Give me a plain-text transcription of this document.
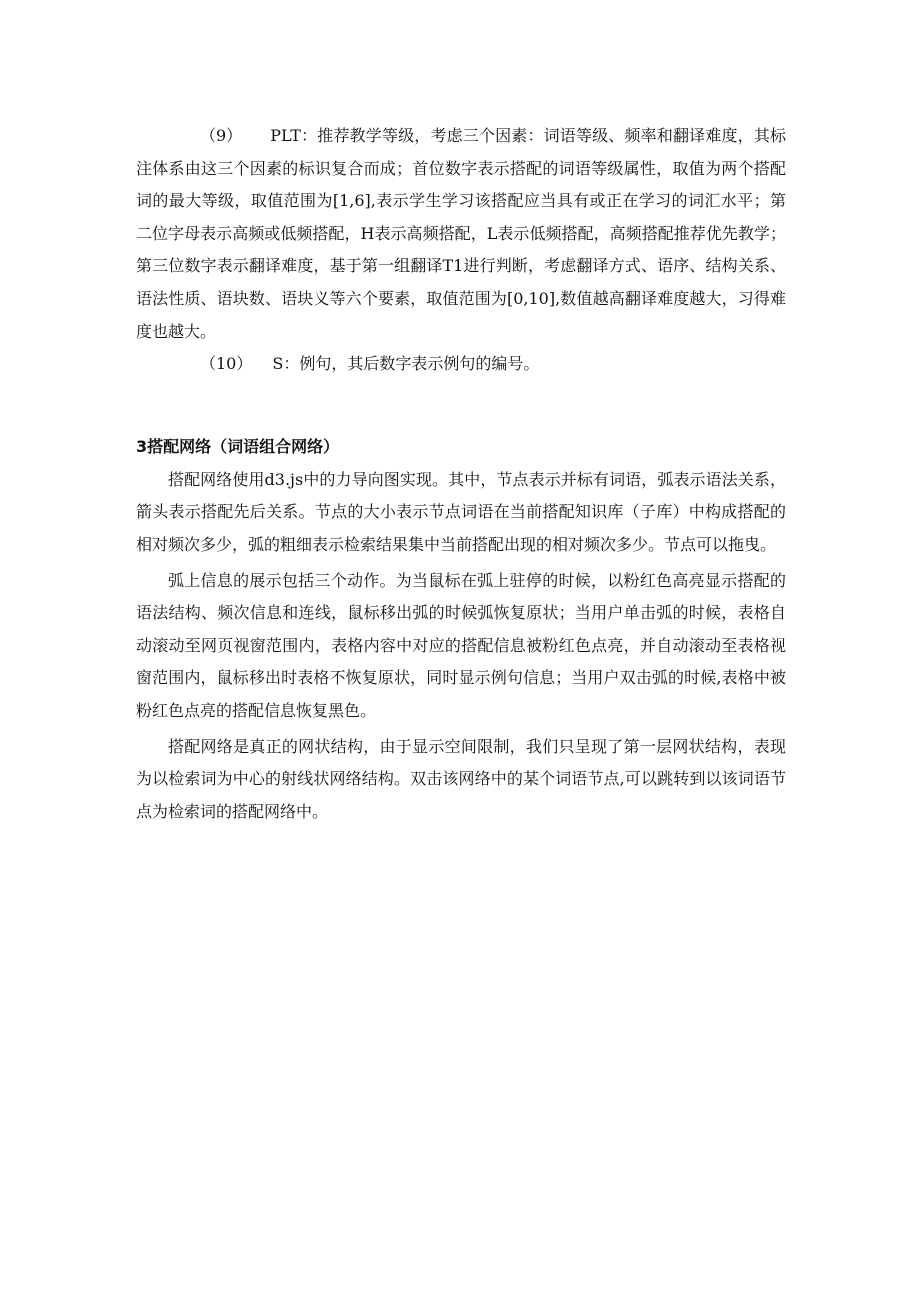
（9） PLT：推荐教学等级，考虑三个因素：词语等级、频率和翻译难度，其标注体系由这三个因素的标识复合而成；首位数字表示搭配的词语等级属性，取值为两个搭配词的最大等级，取值范围为[1,6],表示学生学习该搭配应当具有或正在学习的词汇水平；第二位字母表示高频或低频搭配，H表示高频搭配，L表示低频搭配，高频搭配推荐优先教学；第三位数字表示翻译难度，基于第一组翻译T1进行判断，考虑翻译方式、语序、结构关系、语法性质、语块数、语块义等六个要素，取值范围为[0,10],数值越高翻译难度越大，习得难度也越大。

（10） S：例句，其后数字表示例句的编号。

3搭配网络（词语组合网络）

搭配网络使用d3.js中的力导向图实现。其中，节点表示并标有词语，弧表示语法关系，箭头表示搭配先后关系。节点的大小表示节点词语在当前搭配知识库（子库）中构成搭配的相对频次多少，弧的粗细表示检索结果集中当前搭配出现的相对频次多少。节点可以拖曳。

弧上信息的展示包括三个动作。为当鼠标在弧上驻停的时候，以粉红色高亮显示搭配的语法结构、频次信息和连线，鼠标移出弧的时候弧恢复原状；当用户单击弧的时候，表格自动滚动至网页视窗范围内，表格内容中对应的搭配信息被粉红色点亮，并自动滚动至表格视窗范围内，鼠标移出时表格不恢复原状，同时显示例句信息；当用户双击弧的时候,表格中被粉红色点亮的搭配信息恢复黑色。

搭配网络是真正的网状结构，由于显示空间限制，我们只呈现了第一层网状结构，表现为以检索词为中心的射线状网络结构。双击该网络中的某个词语节点,可以跳转到以该词语节点为检索词的搭配网络中。
